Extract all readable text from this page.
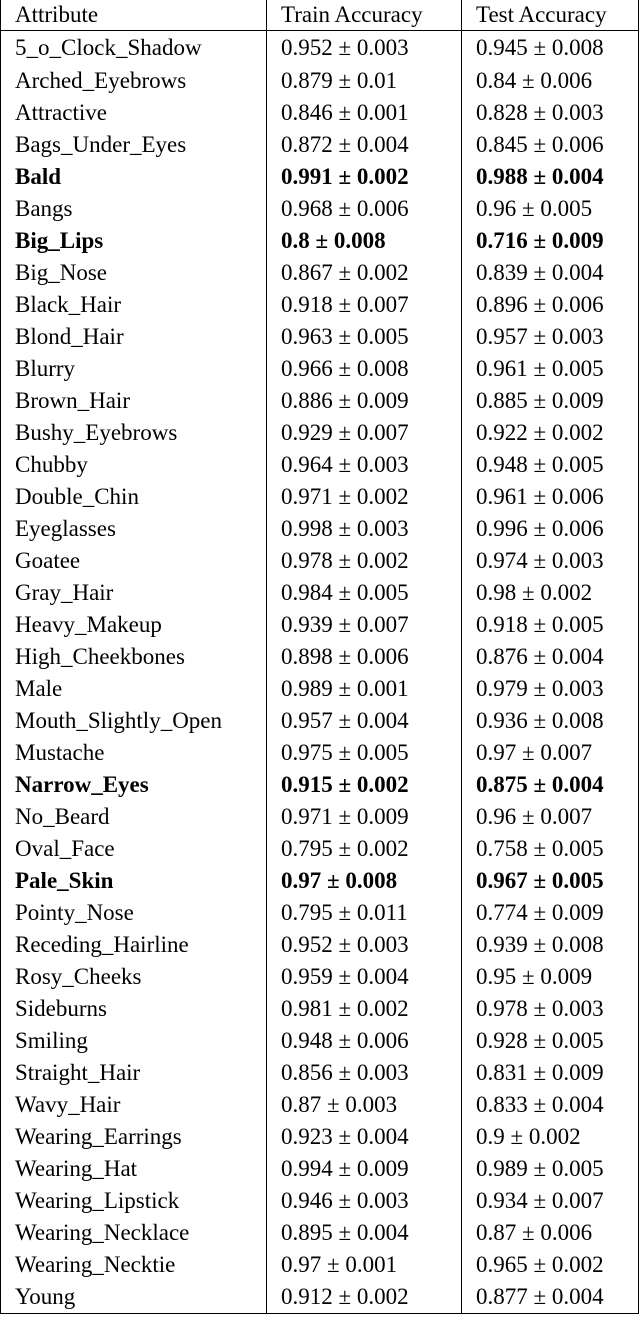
Attribute	Train Accuracy	Test Accuracy
5_o_Clock_Shadow	0.952 ± 0.003	0.945 ± 0.008
Arched_Eyebrows	0.879 ± 0.01	0.84 ± 0.006
Attractive	0.846 ± 0.001	0.828 ± 0.003
Bags_Under_Eyes	0.872 ± 0.004	0.845 ± 0.006
Bald	0.991 ± 0.002	0.988 ± 0.004
Bangs	0.968 ± 0.006	0.96 ± 0.005
Big_Lips	0.8 ± 0.008	0.716 ± 0.009
Big_Nose	0.867 ± 0.002	0.839 ± 0.004
Black_Hair	0.918 ± 0.007	0.896 ± 0.006
Blond_Hair	0.963 ± 0.005	0.957 ± 0.003
Blurry	0.966 ± 0.008	0.961 ± 0.005
Brown_Hair	0.886 ± 0.009	0.885 ± 0.009
Bushy_Eyebrows	0.929 ± 0.007	0.922 ± 0.002
Chubby	0.964 ± 0.003	0.948 ± 0.005
Double_Chin	0.971 ± 0.002	0.961 ± 0.006
Eyeglasses	0.998 ± 0.003	0.996 ± 0.006
Goatee	0.978 ± 0.002	0.974 ± 0.003
Gray_Hair	0.984 ± 0.005	0.98 ± 0.002
Heavy_Makeup	0.939 ± 0.007	0.918 ± 0.005
High_Cheekbones	0.898 ± 0.006	0.876 ± 0.004
Male	0.989 ± 0.001	0.979 ± 0.003
Mouth_Slightly_Open	0.957 ± 0.004	0.936 ± 0.008
Mustache	0.975 ± 0.005	0.97 ± 0.007
Narrow_Eyes	0.915 ± 0.002	0.875 ± 0.004
No_Beard	0.971 ± 0.009	0.96 ± 0.007
Oval_Face	0.795 ± 0.002	0.758 ± 0.005
Pale_Skin	0.97 ± 0.008	0.967 ± 0.005
Pointy_Nose	0.795 ± 0.011	0.774 ± 0.009
Receding_Hairline	0.952 ± 0.003	0.939 ± 0.008
Rosy_Cheeks	0.959 ± 0.004	0.95 ± 0.009
Sideburns	0.981 ± 0.002	0.978 ± 0.003
Smiling	0.948 ± 0.006	0.928 ± 0.005
Straight_Hair	0.856 ± 0.003	0.831 ± 0.009
Wavy_Hair	0.87 ± 0.003	0.833 ± 0.004
Wearing_Earrings	0.923 ± 0.004	0.9 ± 0.002
Wearing_Hat	0.994 ± 0.009	0.989 ± 0.005
Wearing_Lipstick	0.946 ± 0.003	0.934 ± 0.007
Wearing_Necklace	0.895 ± 0.004	0.87 ± 0.006
Wearing_Necktie	0.97 ± 0.001	0.965 ± 0.002
Young	0.912 ± 0.002	0.877 ± 0.004
